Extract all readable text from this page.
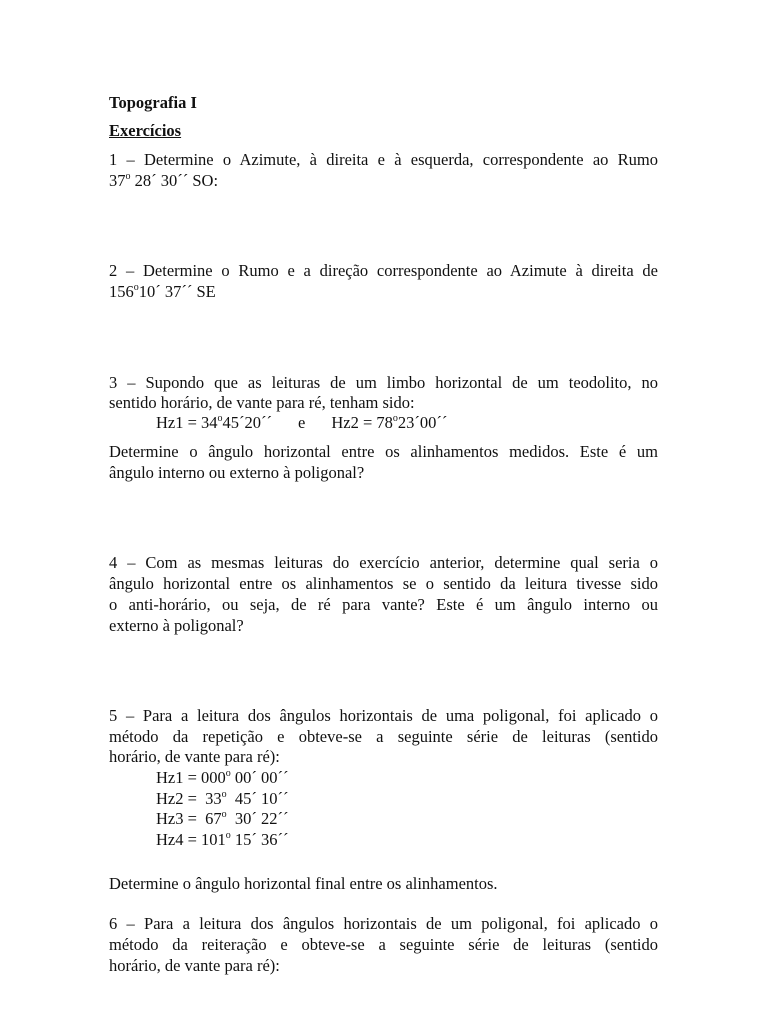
Topografia I
Exercícios
1 – Determine o Azimute, à direita e à esquerda, correspondente ao Rumo
37$^o$ 28´ 30´´ SO:
2 – Determine o Rumo e a direção correspondente ao Azimute à direita de
156$^o$10´ 37´´ SE
3 – Supondo que as leituras de um limbo horizontal de um teodolito, no
sentido horário, de vante para ré, tenham sido:
$Hz1 = 34^o45´20´´$ e $Hz2 = 78^o23´00´´$
Determine o ângulo horizontal entre os alinhamentos medidos. Este é um
ângulo interno ou externo à poligonal?
4 – Com as mesmas leituras do exercício anterior, determine qual seria o
ângulo horizontal entre os alinhamentos se o sentido da leitura tivesse sido
o anti-horário, ou seja, de ré para vante? Este é um ângulo interno ou
externo à poligonal?
5 – Para a leitura dos ângulos horizontais de uma poligonal, foi aplicado o
método da repetição e obteve-se a seguinte série de leituras (sentido
horário, de vante para ré):
$Hz1 = 000^o$ 00´ 00´´
Hz2 =  33$^o$  45´ 10´´
Hz3 =  67$^o$  30´ 22´´
$Hz4 = 101^o$ 15´ 36´´
Determine o ângulo horizontal final entre os alinhamentos.
6 – Para a leitura dos ângulos horizontais de um poligonal, foi aplicado o
método da reiteração e obteve-se a seguinte série de leituras (sentido
horário, de vante para ré):
